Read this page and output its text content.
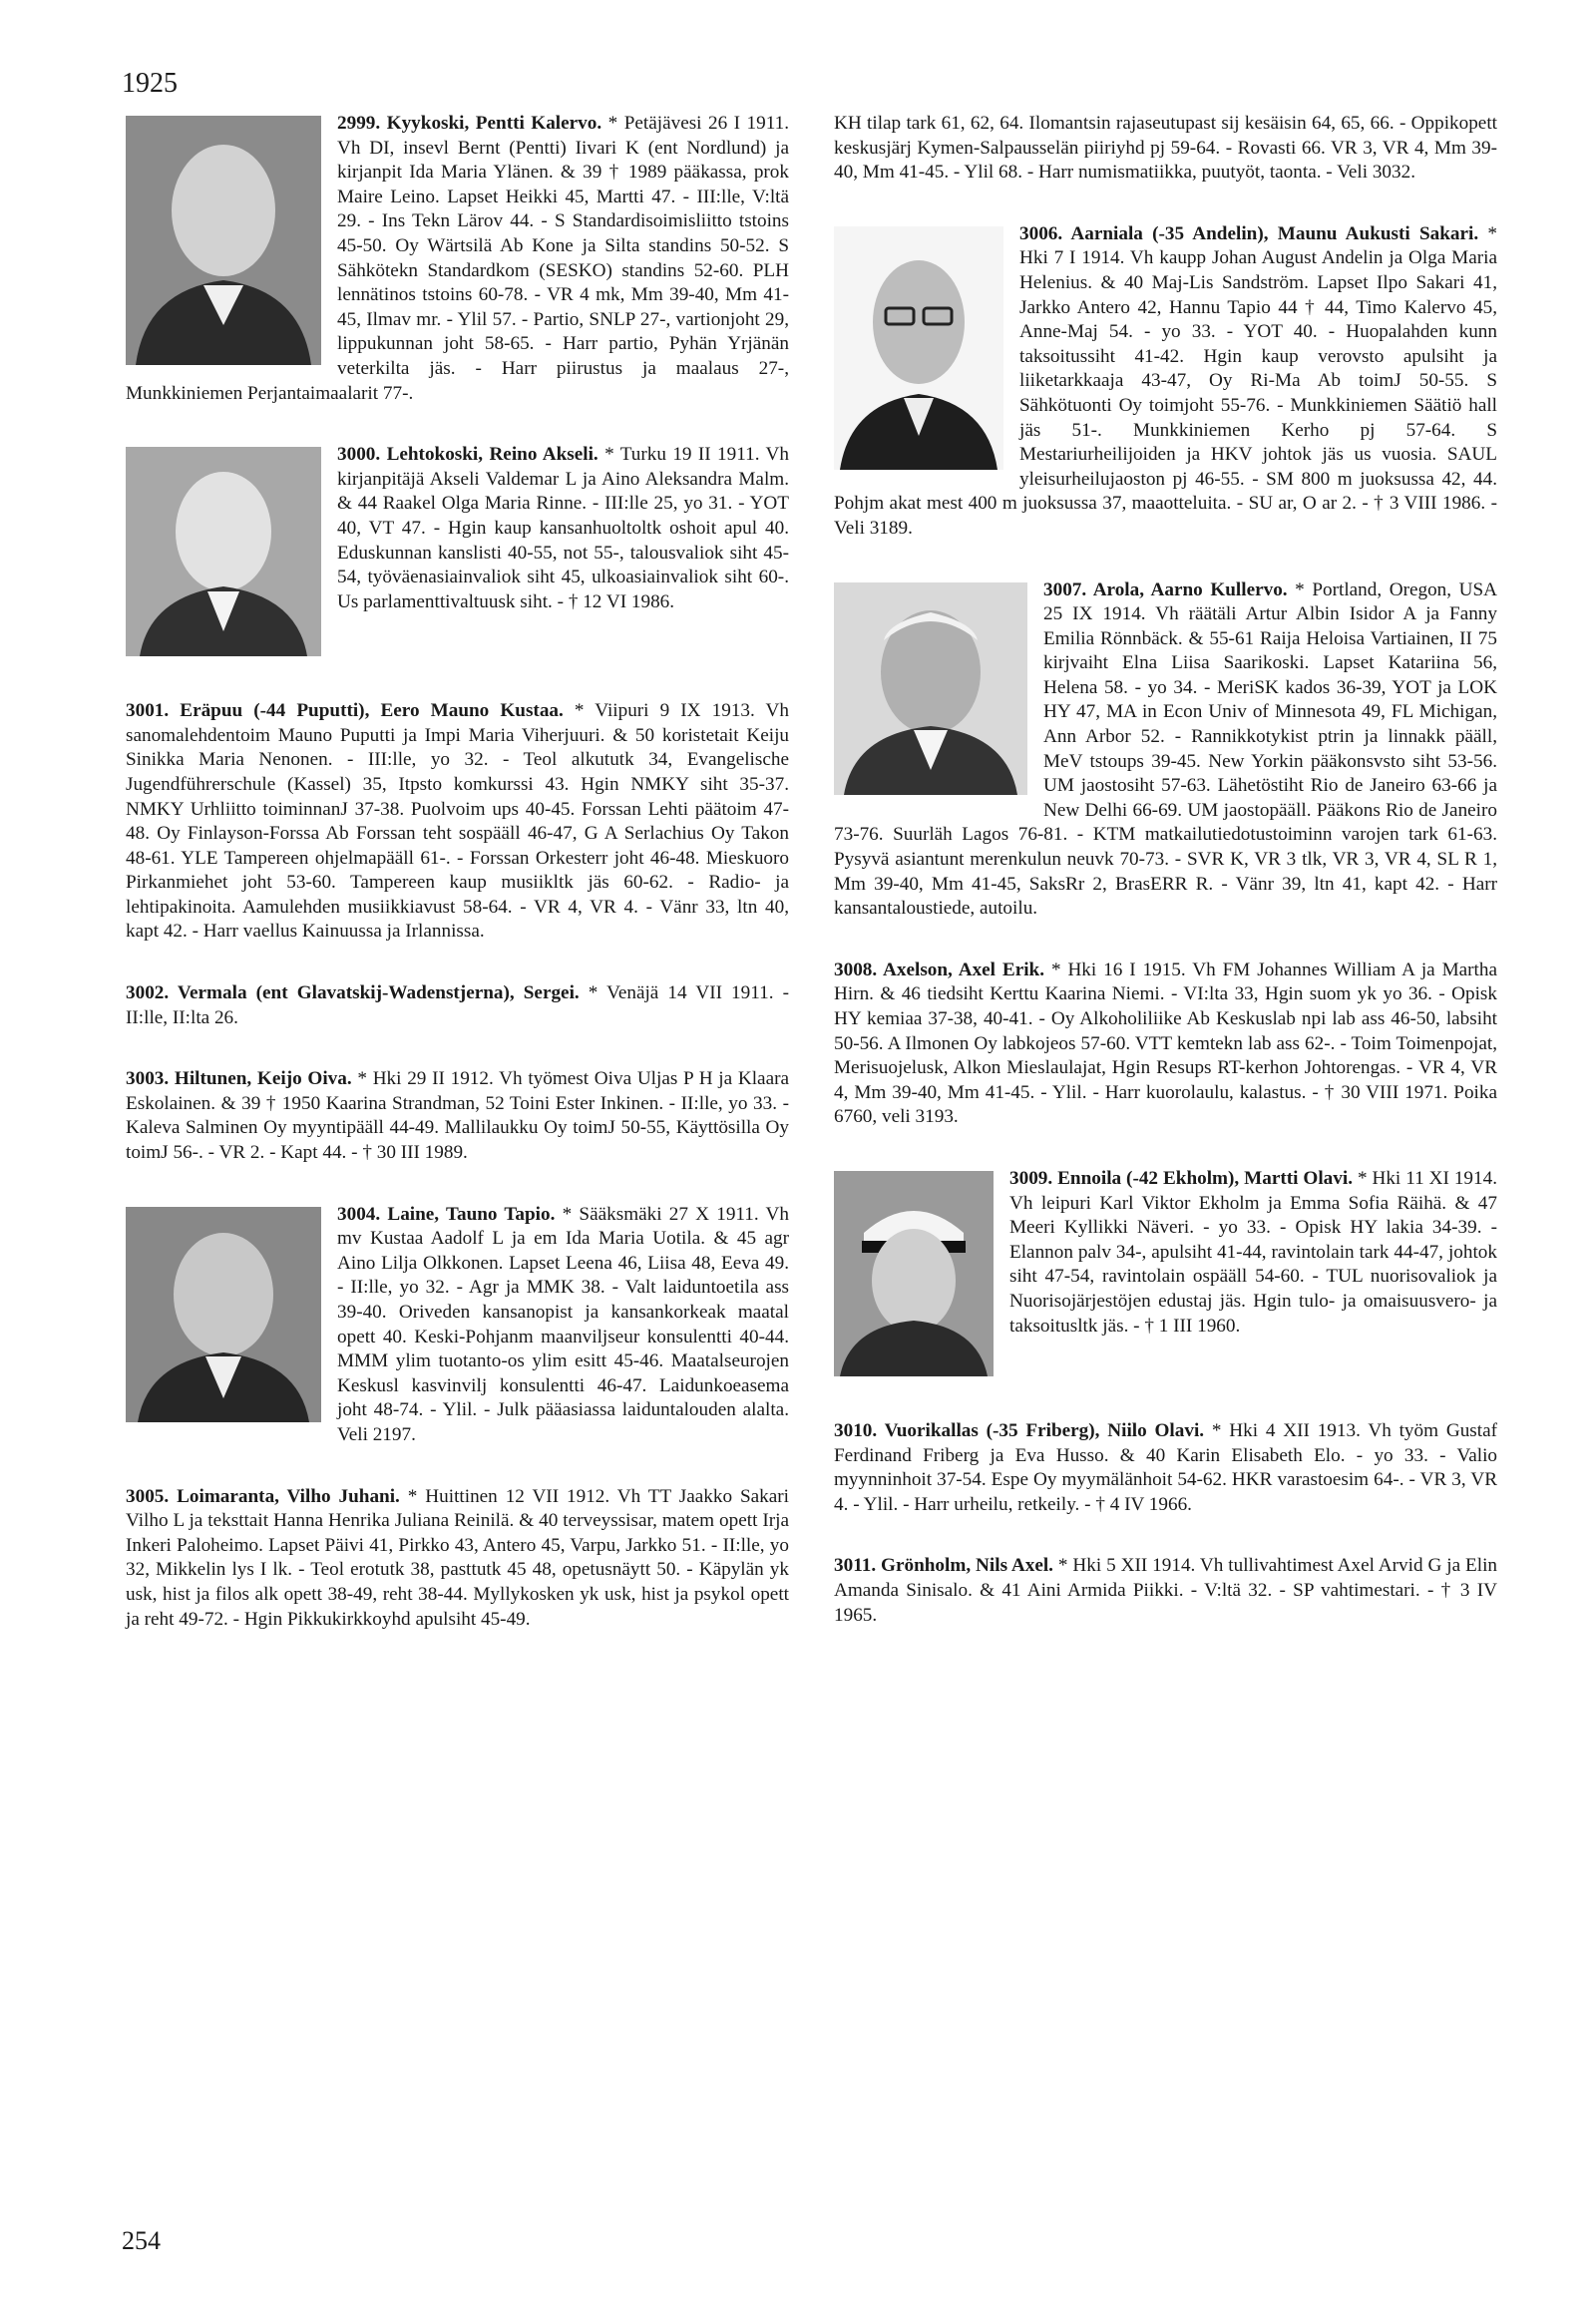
1925
2999. Kyykoski, Pentti Kalervo. * Petäjävesi 26 I 1911. Vh DI, insevl Bernt (Pentti) Iivari K (ent Nordlund) ja kirjanpit Ida Maria Ylänen. & 39 † 1989 pääkassa, prok Maire Leino. Lapset Heikki 45, Martti 47. - III:lle, V:ltä 29. - Ins Tekn Lärov 44. - S Standardisoimisliitto tstoins 45-50. Oy Wärtsilä Ab Kone ja Silta standins 50-52. S Sähkötekn Standardkom (SESKO) standins 52-60. PLH lennätinos tstoins 60-78. - VR 4 mk, Mm 39-40, Mm 41-45, Ilmav mr. - Ylil 57. - Partio, SNLP 27-, vartionjoht 29, lippukunnan joht 58-65. - Harr partio, Pyhän Yrjänän veterkilta jäs. - Harr piirustus ja maalaus 27-, Munkkiniemen Perjantaimaalarit 77-.
3000. Lehtokoski, Reino Akseli. * Turku 19 II 1911. Vh kirjanpitäjä Akseli Valdemar L ja Aino Aleksandra Malm. & 44 Raakel Olga Maria Rinne. - III:lle 25, yo 31. - YOT 40, VT 47. - Hgin kaup kansanhuoltoltk oshoit apul 40. Eduskunnan kanslisti 40-55, not 55-, talousvaliok siht 45-54, työväenasiainvaliok siht 45, ulkoasiainvaliok siht 60-. Us parlamenttivaltuusk siht. - † 12 VI 1986.
3001. Eräpuu (-44 Puputti), Eero Mauno Kustaa. * Viipuri 9 IX 1913. Vh sanomalehdentoim Mauno Puputti ja Impi Maria Viherjuuri. & 50 koristetait Keiju Sinikka Maria Nenonen. - III:lle, yo 32. - Teol alkututk 34, Evangelische Jugendführerschule (Kassel) 35, Itpsto komkurssi 43. Hgin NMKY siht 35-37. NMKY Urhliitto toiminnanJ 37-38. Puolvoim ups 40-45. Forssan Lehti päätoim 47-48. Oy Finlayson-Forssa Ab Forssan teht sospääll 46-47, G A Serlachius Oy Takon 48-61. YLE Tampereen ohjelmapääll 61-. - Forssan Orkesterr joht 46-48. Mieskuoro Pirkanmiehet joht 53-60. Tampereen kaup musiikltk jäs 60-62. - Radio- ja lehtipakinoita. Aamulehden musiikkiavust 58-64. - VR 4, VR 4. - Vänr 33, ltn 40, kapt 42. - Harr vaellus Kainuussa ja Irlannissa.
3002. Vermala (ent Glavatskij-Wadenstjerna), Sergei. * Venäjä 14 VII 1911. - II:lle, II:lta 26.
3003. Hiltunen, Keijo Oiva. * Hki 29 II 1912. Vh työmest Oiva Uljas P H ja Klaara Eskolainen. & 39 † 1950 Kaarina Strandman, 52 Toini Ester Inkinen. - II:lle, yo 33. - Kaleva Salminen Oy myyntipääll 44-49. Mallilaukku Oy toimJ 50-55, Käyttösilla Oy toimJ 56-. - VR 2. - Kapt 44. - † 30 III 1989.
3004. Laine, Tauno Tapio. * Sääksmäki 27 X 1911. Vh mv Kustaa Aadolf L ja em Ida Maria Uotila. & 45 agr Aino Lilja Olkkonen. Lapset Leena 46, Liisa 48, Eeva 49. - II:lle, yo 32. - Agr ja MMK 38. - Valt laiduntoetila ass 39-40. Oriveden kansanopist ja kansankorkeak maatal opett 40. Keski-Pohjanm maanviljseur konsulentti 40-44. MMM ylim tuotanto-os ylim esitt 45-46. Maatalseurojen Keskusl kasvinvilj konsulentti 46-47. Laidunkoeasema joht 48-74. - Ylil. - Julk pääasiassa laiduntalouden alalta. Veli 2197.
3005. Loimaranta, Vilho Juhani. * Huittinen 12 VII 1912. Vh TT Jaakko Sakari Vilho L ja teksttait Hanna Henrika Juliana Reinilä. & 40 terveyssisar, matem opett Irja Inkeri Paloheimo. Lapset Päivi 41, Pirkko 43, Antero 45, Varpu, Jarkko 51. - II:lle, yo 32, Mikkelin lys I lk. - Teol erotutk 38, pasttutk 45 48, opetusnäytt 50. - Käpylän yk usk, hist ja filos alk opett 38-49, reht 38-44. Myllykosken yk usk, hist ja psykol opett ja reht 49-72. - Hgin Pikkukirkkoyhd apulsiht 45-49.
KH tilap tark 61, 62, 64. Ilomantsin rajaseutupast sij kesäisin 64, 65, 66. - Oppikopett keskusjärj Kymen-Salpausselän piiriyhd pj 59-64. - Rovasti 66. VR 3, VR 4, Mm 39-40, Mm 41-45. - Ylil 68. - Harr numismatiikka, puutyöt, taonta. - Veli 3032.
3006. Aarniala (-35 Andelin), Maunu Aukusti Sakari. * Hki 7 I 1914. Vh kaupp Johan August Andelin ja Olga Maria Helenius. & 40 Maj-Lis Sandström. Lapset Ilpo Sakari 41, Jarkko Antero 42, Hannu Tapio 44 † 44, Timo Kalervo 45, Anne-Maj 54. - yo 33. - YOT 40. - Huopalahden kunn taksoitussiht 41-42. Hgin kaup verovsto apulsiht ja liiketarkkaaja 43-47, Oy Ri-Ma Ab toimJ 50-55. S Sähkötuonti Oy toimjoht 55-76. - Munkkiniemen Säätiö hall jäs 51-. Munkkiniemen Kerho pj 57-64. S Mestariurheilijoiden ja HKV johtok jäs us vuosia. SAUL yleisurheilujaoston pj 46-55. - SM 800 m juoksussa 42, 44. Pohjm akat mest 400 m juoksussa 37, maaotteluita. - SU ar, O ar 2. - † 3 VIII 1986. - Veli 3189.
3007. Arola, Aarno Kullervo. * Portland, Oregon, USA 25 IX 1914. Vh räätäli Artur Albin Isidor A ja Fanny Emilia Rönnbäck. & 55-61 Raija Heloisa Vartiainen, II 75 kirjvaiht Elna Liisa Saarikoski. Lapset Katariina 56, Helena 58. - yo 34. - MeriSK kados 36-39, YOT ja LOK HY 47, MA in Econ Univ of Minnesota 49, FL Michigan, Ann Arbor 52. - Rannikkotykist ptrin ja linnakk pääll, MeV tstoups 39-45. New Yorkin pääkonsvsto siht 53-56. UM jaostosiht 57-63. Lähetöstiht Rio de Janeiro 63-66 ja New Delhi 66-69. UM jaostopääll. Pääkons Rio de Janeiro 73-76. Suurläh Lagos 76-81. - KTM matkailutiedotustoiminn varojen tark 61-63. Pysyvä asiantunt merenkulun neuvk 70-73. - SVR K, VR 3 tlk, VR 3, VR 4, SL R 1, Mm 39-40, Mm 41-45, SaksRr 2, BrasERR R. - Vänr 39, ltn 41, kapt 42. - Harr kansantaloustiede, autoilu.
3008. Axelson, Axel Erik. * Hki 16 I 1915. Vh FM Johannes William A ja Martha Hirn. & 46 tiedsiht Kerttu Kaarina Niemi. - VI:lta 33, Hgin suom yk yo 36. - Opisk HY kemiaa 37-38, 40-41. - Oy Alkoholiliike Ab Keskuslab npi lab ass 46-50, labsiht 50-56. A Ilmonen Oy labkojeos 57-60. VTT kemtekn lab ass 62-. - Toim Toimenpojat, Merisuojelusk, Alkon Mieslaulajat, Hgin Resups RT-kerhon Johtorengas. - VR 4, VR 4, Mm 39-40, Mm 41-45. - Ylil. - Harr kuorolaulu, kalastus. - † 30 VIII 1971. Poika 6760, veli 3193.
3009. Ennoila (-42 Ekholm), Martti Olavi. * Hki 11 XI 1914. Vh leipuri Karl Viktor Ekholm ja Emma Sofia Räihä. & 47 Meeri Kyllikki Näveri. - yo 33. - Opisk HY lakia 34-39. - Elannon palv 34-, apulsiht 41-44, ravintolain tark 44-47, johtok siht 47-54, ravintolain ospääll 54-60. - TUL nuorisovaliok ja Nuorisojärjestöjen edustaj jäs. Hgin tulo- ja omaisuusvero- ja taksoitusltk jäs. - † 1 III 1960.
3010. Vuorikallas (-35 Friberg), Niilo Olavi. * Hki 4 XII 1913. Vh työm Gustaf Ferdinand Friberg ja Eva Husso. & 40 Karin Elisabeth Elo. - yo 33. - Valio myynninhoit 37-54. Espe Oy myymälänhoit 54-62. HKR varastoesim 64-. - VR 3, VR 4. - Ylil. - Harr urheilu, retkeily. - † 4 IV 1966.
3011. Grönholm, Nils Axel. * Hki 5 XII 1914. Vh tullivahtimest Axel Arvid G ja Elin Amanda Sinisalo. & 41 Aini Armida Piikki. - V:ltä 32. - SP vahtimestari. - † 3 IV 1965.
254
